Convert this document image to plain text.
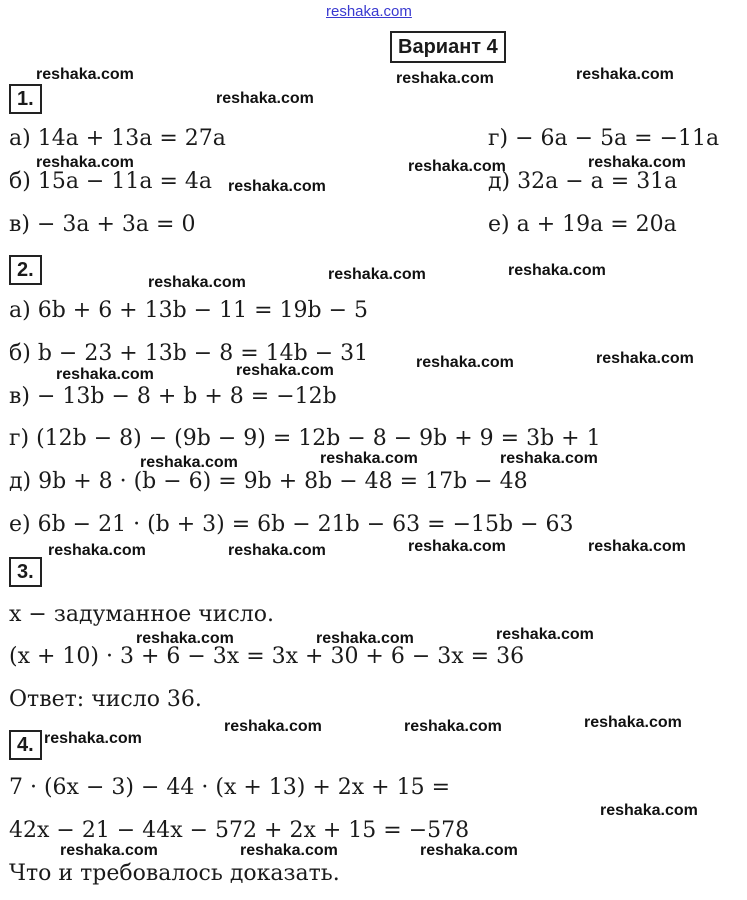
reshaka.com
Вариант 4
1.
а) 14a + 13a = 27a	г) − 6a − 5a = −11a
б) 15a − 11a = 4a	д) 32a − a = 31a
в) − 3a + 3a = 0	е) a + 19a = 20a
2.
а) 6b + 6 + 13b − 11 = 19b − 5
б) b − 23 + 13b − 8 = 14b − 31
в) − 13b − 8 + b + 8 = −12b
г) (12b − 8) − (9b − 9) = 12b − 8 − 9b + 9 = 3b + 1
д) 9b + 8 · (b − 6) = 9b + 8b − 48 = 17b − 48
е) 6b − 21 · (b + 3) = 6b − 21b − 63 = −15b − 63
3.
x − задуманное число.
(x + 10) · 3 + 6 − 3x = 3x + 30 + 6 − 3x = 36
Ответ: число 36.
4.
7 · (6x − 3) − 44 · (x + 13) + 2x + 15 =
42x − 21 − 44x − 572 + 2x + 15 = −578
Что и требовалось доказать.
reshaka.com	reshaka.com	reshaka.com
reshaka.com
reshaka.com	reshaka.com	reshaka.com
reshaka.com
reshaka.com	reshaka.com
reshaka.com
reshaka.com	reshaka.com
reshaka.com	reshaka.com
reshaka.com	reshaka.com
reshaka.com
reshaka.com	reshaka.com
reshaka.com	reshaka.com
reshaka.com
reshaka.com	reshaka.com
reshaka.com
reshaka.com	reshaka.com
reshaka.com
reshaka.com
reshaka.com	reshaka.com	reshaka.com
